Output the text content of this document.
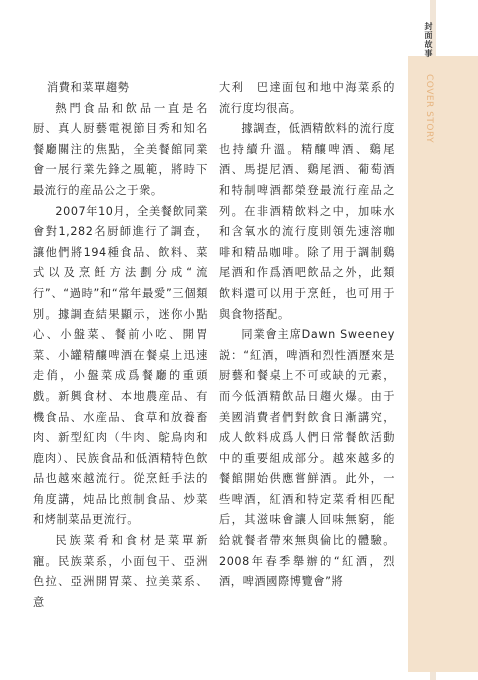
封面故事
COVER STORY

消費和菜單趨勢

熱門食品和飲品一直是名厨、真人厨藝電視節目秀和知名餐廳關注的焦點，全美餐館同業會一展行業先鋒之風範，將時下最流行的産品公之于衆。

2007年10月，全美餐飲同業會對1,282名厨師進行了調查，讓他們將194種食品、飲料、菜式以及烹飪方法劃分成“流行”、“過時”和“常年最愛”三個類別。據調查結果顯示，迷你小點心、小盤菜、餐前小吃、開胃菜、小罐精釀啤酒在餐桌上迅速走俏，小盤菜成爲餐廳的重頭戲。新興食材、本地農産品、有機食品、水産品、食草和放養畜肉、新型紅肉（牛肉、鴕鳥肉和鹿肉）、民族食品和低酒精特色飲品也越來越流行。從烹飪手法的角度講，炖品比煎制食品、炒菜和烤制菜品更流行。

民族菜肴和食材是菜單新寵。民族菜系，小面包干、亞洲色拉、亞洲開胃菜、拉美菜系、意

大利　巴達面包和地中海菜系的流行度均很高。

據調查，低酒精飲料的流行度也持續升溫。精釀啤酒、鷄尾酒、馬提尼酒、鷄尾酒、葡萄酒和特制啤酒都榮登最流行産品之列。在非酒精飲料之中，加味水和含氧水的流行度則領先速溶咖啡和精品咖啡。除了用于調制鷄尾酒和作爲酒吧飲品之外，此類飲料還可以用于烹飪，也可用于與食物搭配。

同業會主席Dawn Sweeney説：“紅酒，啤酒和烈性酒歷來是厨藝和餐桌上不可或缺的元素，而今低酒精飲品日趨火爆。由于美國消費者們對飲食日漸講究，成人飲料成爲人們日常餐飲活動中的重要組成部分。越來越多的餐館開始供應嘗鮮酒。此外，一些啤酒，紅酒和特定菜肴相匹配后，其滋味會讓人回味無窮，能給就餐者帶來無與倫比的體驗。2008年春季舉辦的“紅酒，烈酒，啤酒國際博覽會”將
